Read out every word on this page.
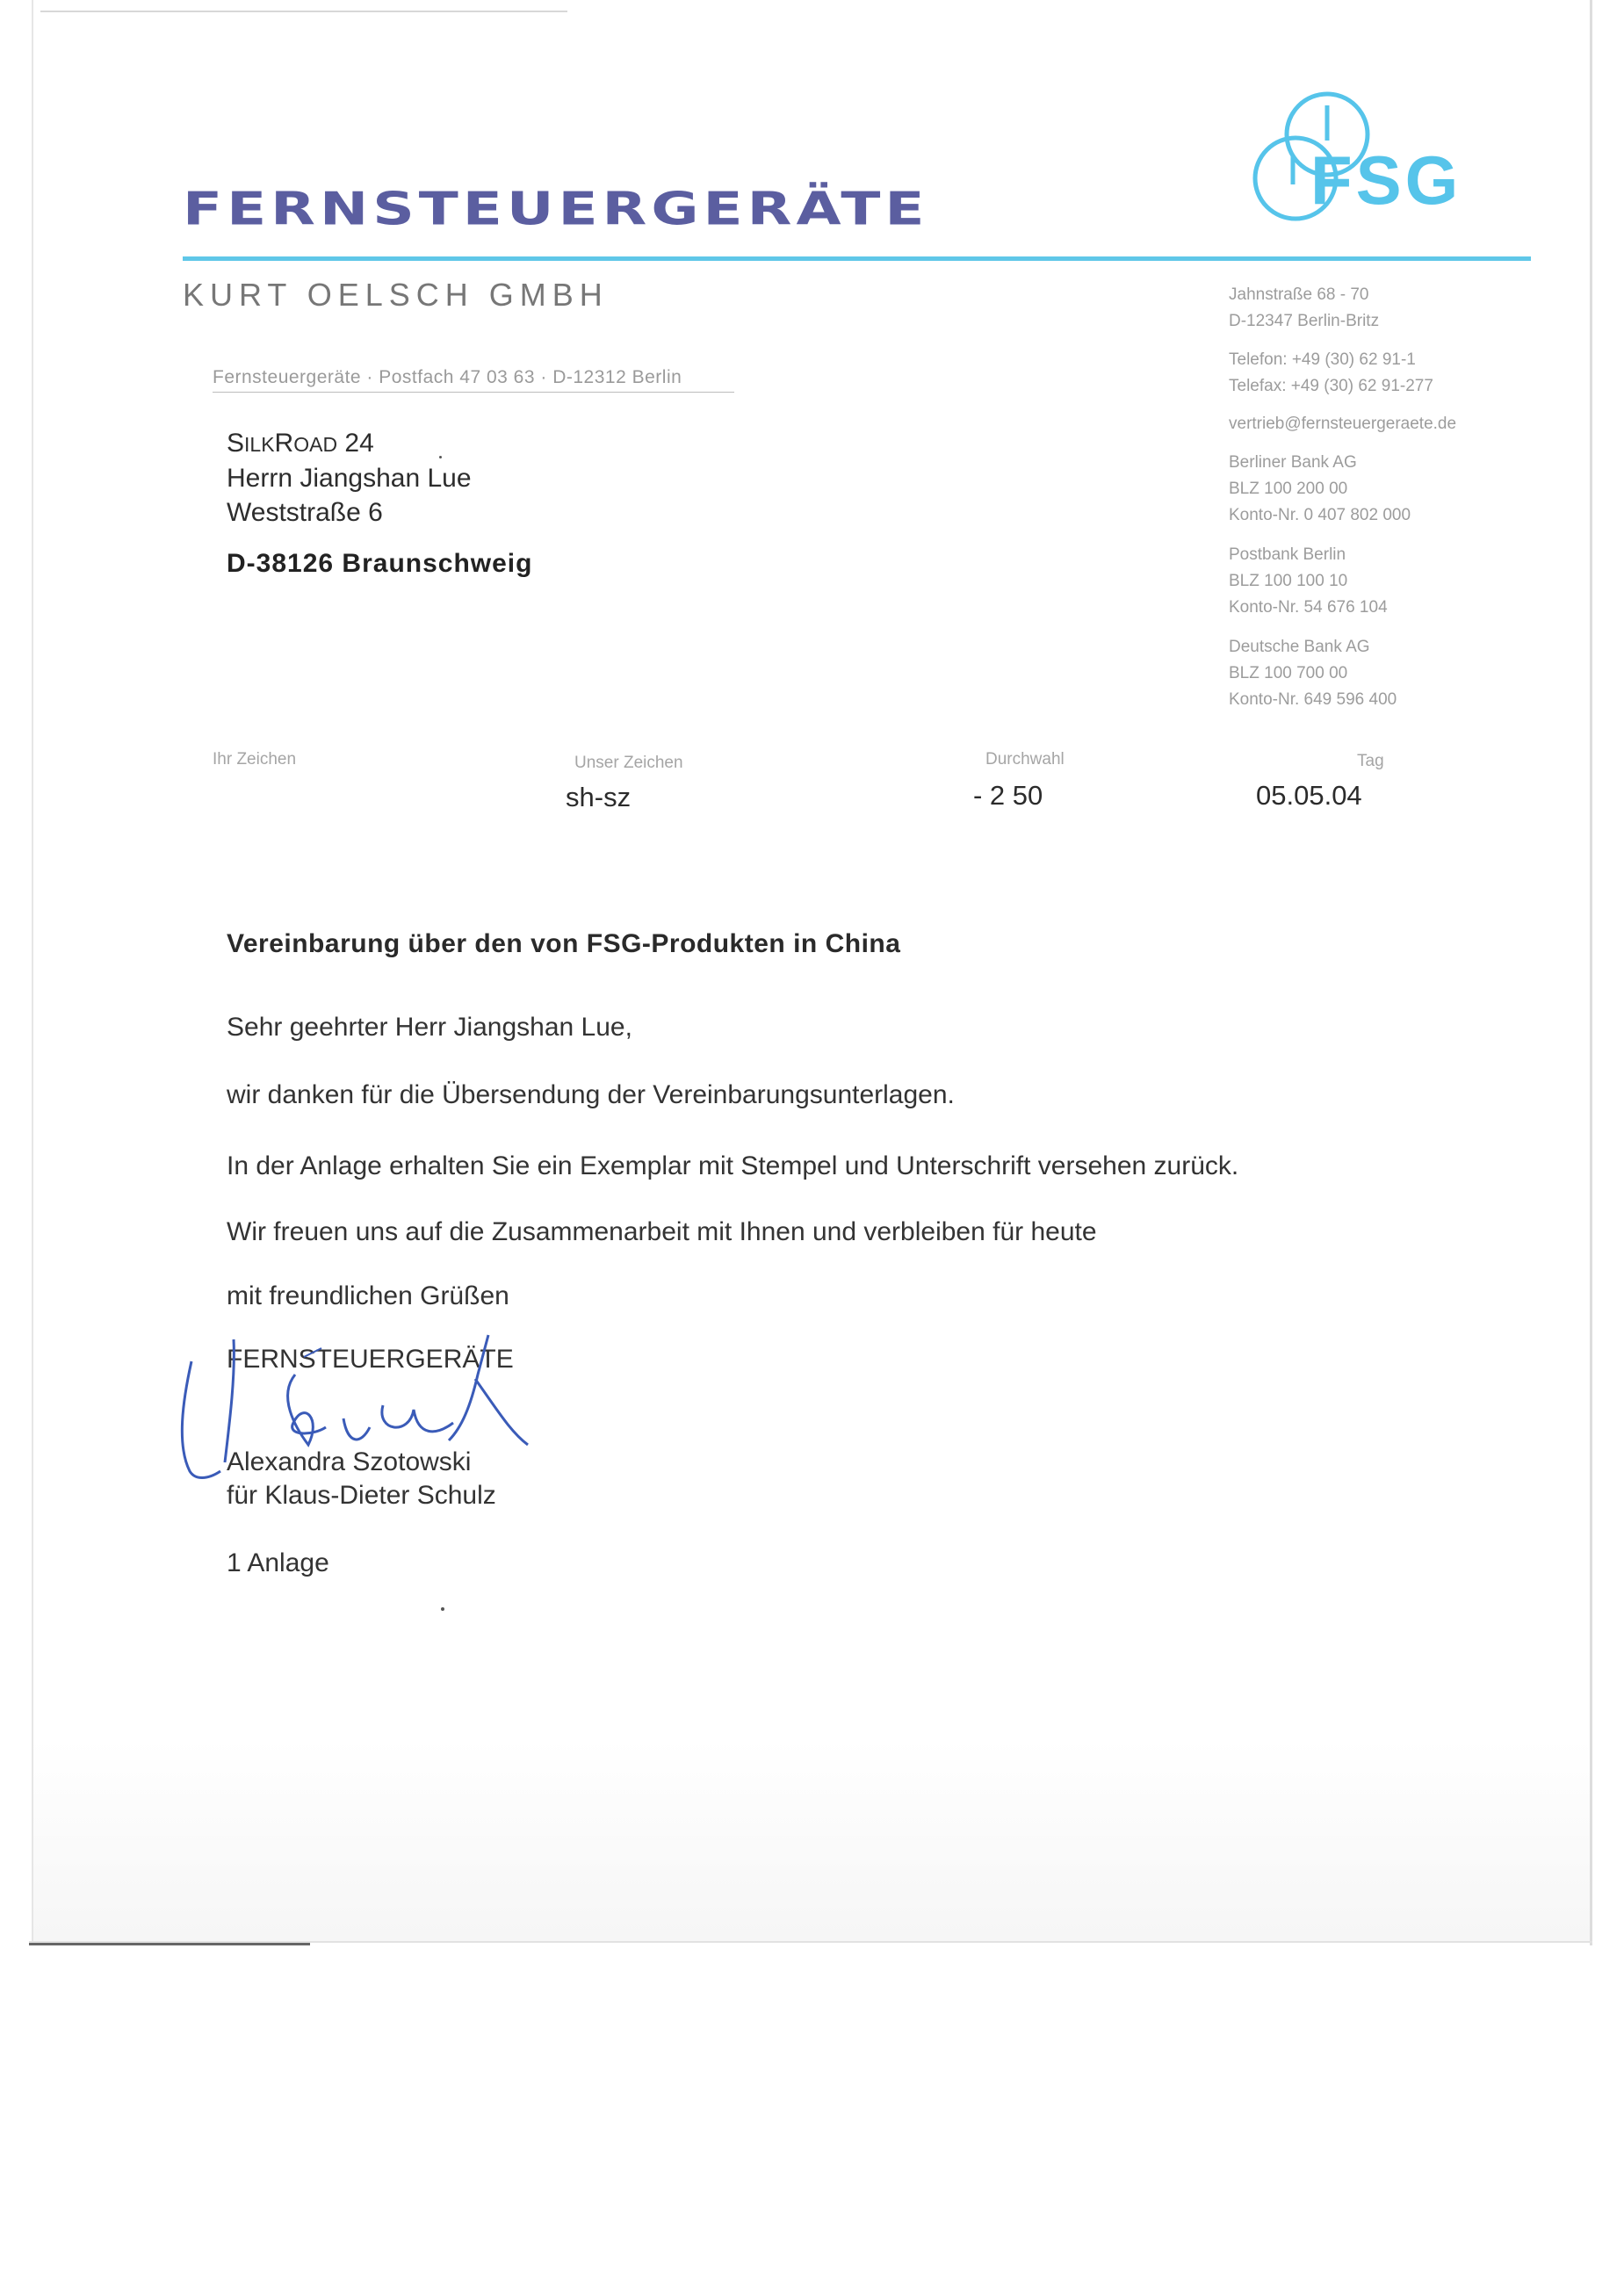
FERNSTEUERGERÄTE
KURT OELSCH GMBH
FSG
Fernsteuergeräte · Postfach 47 03 63 · D-12312 Berlin
Jahnstraße 68 - 70
D-12347 Berlin-Britz
Telefon: +49 (30) 62 91-1
Telefax: +49 (30) 62 91-277
vertrieb@fernsteuergeraete.de
Berliner Bank AG
BLZ 100 200 00
Konto-Nr. 0 407 802 000
Postbank Berlin
BLZ 100 100 10
Konto-Nr. 54 676 104
Deutsche Bank AG
BLZ 100 700 00
Konto-Nr. 649 596 400
SILKROAD 24
Herrn Jiangshan Lue
Weststraße 6
D-38126 Braunschweig
Ihr Zeichen	Unser Zeichen
sh-sz
Durchwahl
- 2 50
Tag
05.05.04
Vereinbarung über den von FSG-Produkten in China
Sehr geehrter Herr Jiangshan Lue,
wir danken für die Übersendung der Vereinbarungsunterlagen.
In der Anlage erhalten Sie ein Exemplar mit Stempel und Unterschrift versehen zurück.
Wir freuen uns auf die Zusammenarbeit mit Ihnen und verbleiben für heute
mit freundlichen Grüßen
FERNSTEUERGERÄTE
Alexandra Szotowski
für Klaus-Dieter Schulz
1 Anlage
